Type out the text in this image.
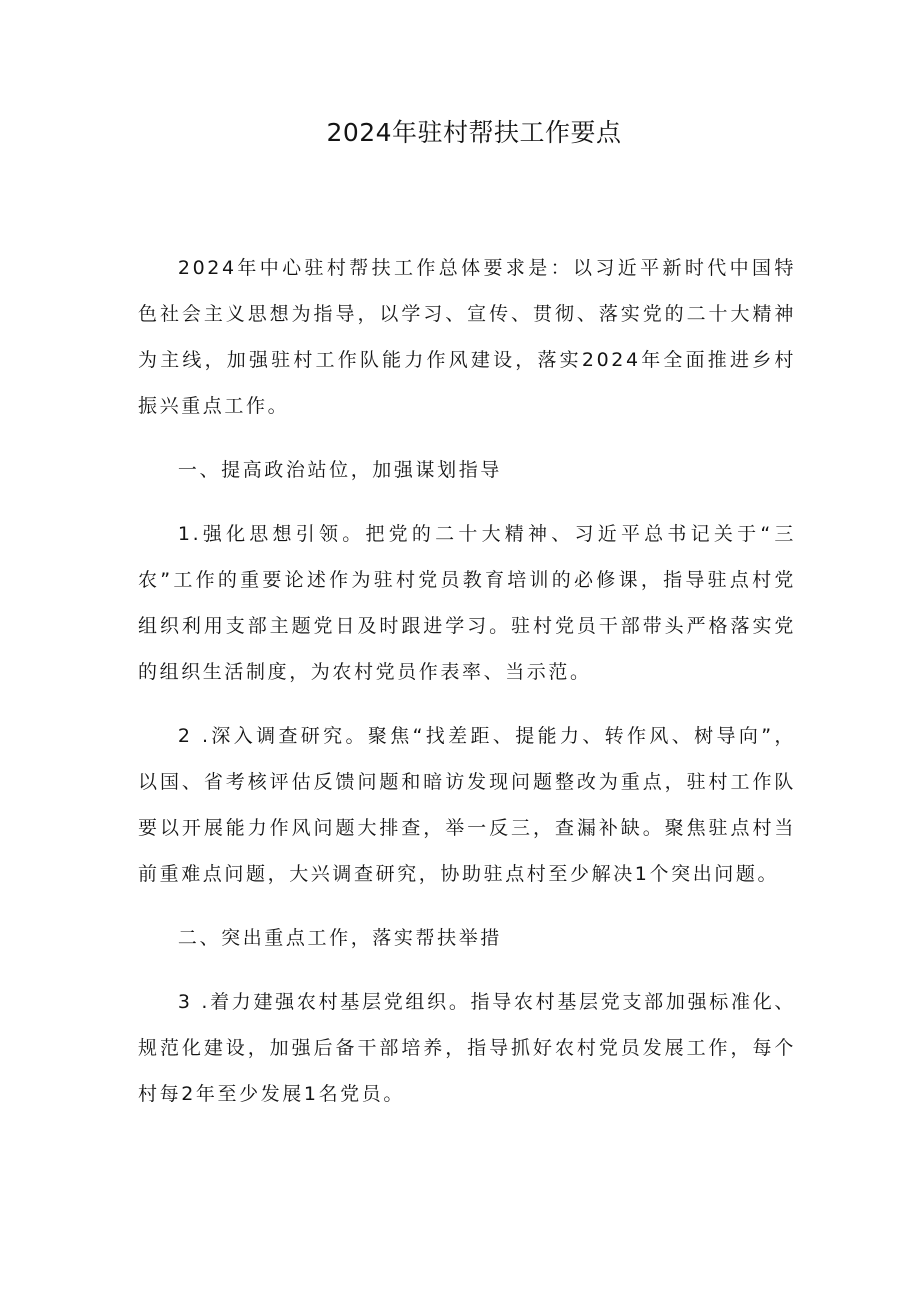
2024年驻村帮扶工作要点

2024年中心驻村帮扶工作总体要求是：以习近平新时代中国特色社会主义思想为指导，以学习、宣传、贯彻、落实党的二十大精神为主线，加强驻村工作队能力作风建设，落实2024年全面推进乡村振兴重点工作。

一、提高政治站位，加强谋划指导

1.强化思想引领。把党的二十大精神、习近平总书记关于“三农”工作的重要论述作为驻村党员教育培训的必修课，指导驻点村党组织利用支部主题党日及时跟进学习。驻村党员干部带头严格落实党的组织生活制度，为农村党员作表率、当示范。

2 .深入调查研究。聚焦“找差距、提能力、转作风、树导向”，以国、省考核评估反馈问题和暗访发现问题整改为重点，驻村工作队要以开展能力作风问题大排查，举一反三，查漏补缺。聚焦驻点村当前重难点问题，大兴调查研究，协助驻点村至少解决1个突出问题。

二、突出重点工作，落实帮扶举措

3 .着力建强农村基层党组织。指导农村基层党支部加强标准化、规范化建设，加强后备干部培养，指导抓好农村党员发展工作，每个村每2年至少发展1名党员。
